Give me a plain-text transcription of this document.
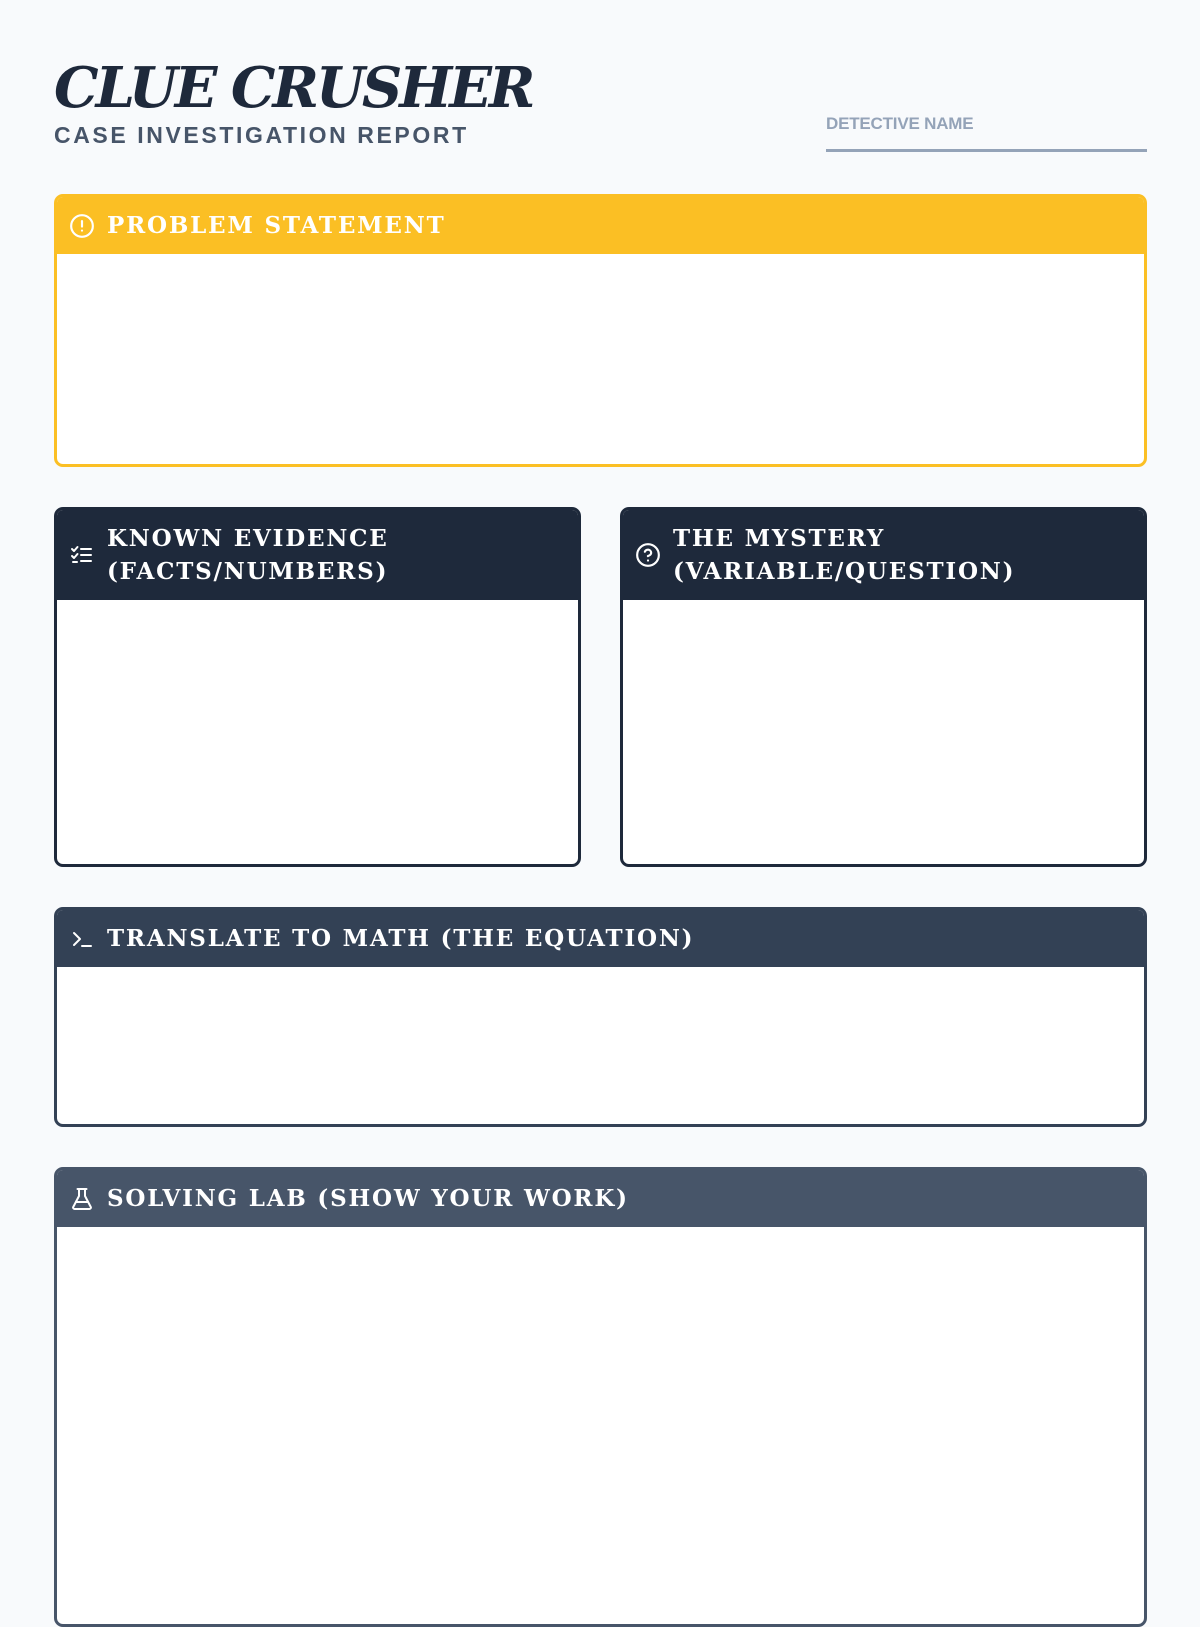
CLUE CRUSHER
CASE INVESTIGATION REPORT	DETECTIVE NAME
PROBLEM STATEMENT
KNOWN EVIDENCE
(FACTS/NUMBERS)
THE MYSTERY
(VARIABLE/QUESTION)
TRANSLATE TO MATH (THE EQUATION)
SOLVING LAB (SHOW YOUR WORK)
